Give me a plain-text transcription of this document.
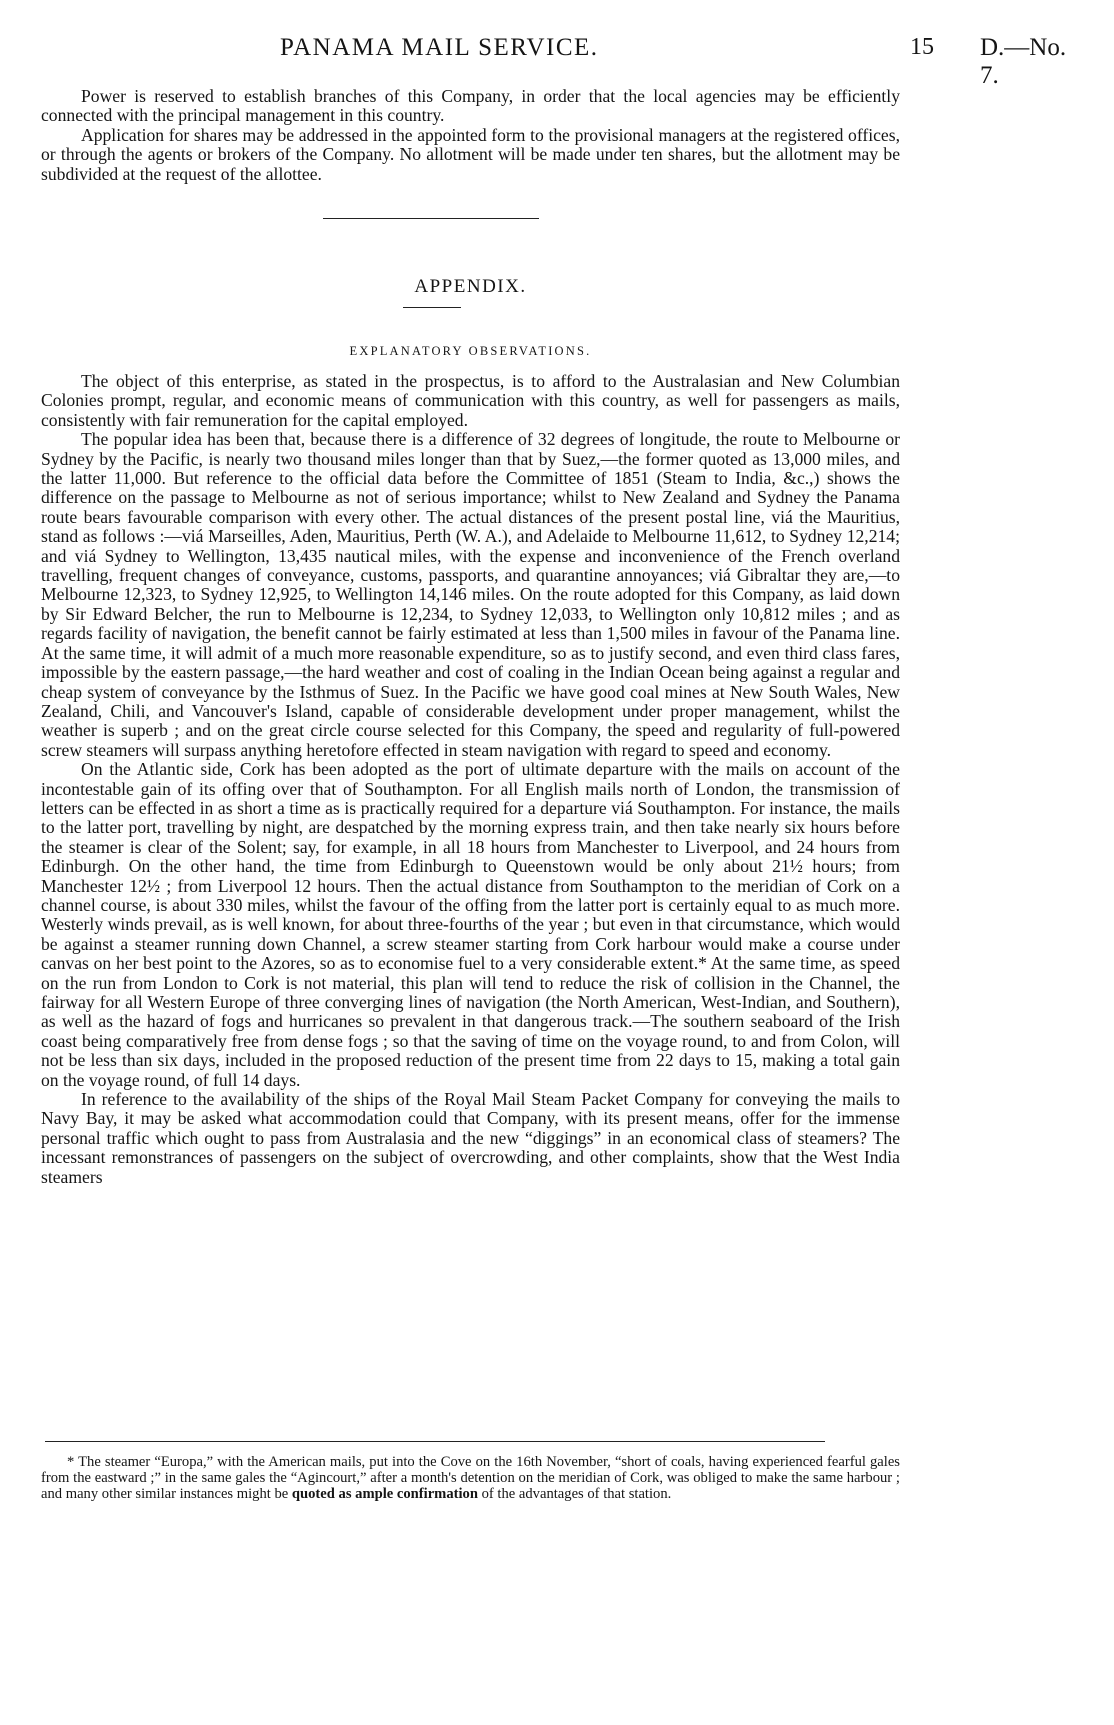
PANAMA MAIL SERVICE.	15 D.—No. 7.

Power is reserved to establish branches of this Company, in order that the local agencies may be efficiently connected with the principal management in this country.

Application for shares may be addressed in the appointed form to the provisional managers at the registered offices, or through the agents or brokers of the Company. No allotment will be made under ten shares, but the allotment may be subdivided at the request of the allottee.

APPENDIX.
EXPLANATORY OBSERVATIONS.

The object of this enterprise, as stated in the prospectus, is to afford to the Australasian and New Columbian Colonies prompt, regular, and economic means of communication with this country, as well for passengers as mails, consistently with fair remuneration for the capital employed.

The popular idea has been that, because there is a difference of 32 degrees of longitude, the route to Melbourne or Sydney by the Pacific, is nearly two thousand miles longer than that by Suez,—the former quoted as 13,000 miles, and the latter 11,000. But reference to the official data before the Committee of 1851 (Steam to India, &c.,) shows the difference on the passage to Melbourne as not of serious importance; whilst to New Zealand and Sydney the Panama route bears favourable comparison with every other. The actual distances of the present postal line, viá the Mauritius, stand as follows :—viá Marseilles, Aden, Mauritius, Perth (W. A.), and Adelaide to Melbourne 11,612, to Sydney 12,214; and viá Sydney to Wellington, 13,435 nautical miles, with the expense and inconvenience of the French overland travelling, frequent changes of conveyance, customs, passports, and quarantine annoyances; viá Gibraltar they are,—to Melbourne 12,323, to Sydney 12,925, to Wellington 14,146 miles. On the route adopted for this Company, as laid down by Sir Edward Belcher, the run to Melbourne is 12,234, to Sydney 12,033, to Wellington only 10,812 miles ; and as regards facility of navigation, the benefit cannot be fairly estimated at less than 1,500 miles in favour of the Panama line. At the same time, it will admit of a much more reasonable expenditure, so as to justify second, and even third class fares, impossible by the eastern passage,—the hard weather and cost of coaling in the Indian Ocean being against a regular and cheap system of conveyance by the Isthmus of Suez. In the Pacific we have good coal mines at New South Wales, New Zealand, Chili, and Vancouver's Island, capable of considerable development under proper management, whilst the weather is superb ; and on the great circle course selected for this Company, the speed and regularity of full-powered screw steamers will surpass anything heretofore effected in steam navigation with regard to speed and economy.

On the Atlantic side, Cork has been adopted as the port of ultimate departure with the mails on account of the incontestable gain of its offing over that of Southampton. For all English mails north of London, the transmission of letters can be effected in as short a time as is practically required for a departure viá Southampton. For instance, the mails to the latter port, travelling by night, are despatched by the morning express train, and then take nearly six hours before the steamer is clear of the Solent; say, for example, in all 18 hours from Manchester to Liverpool, and 24 hours from Edinburgh. On the other hand, the time from Edinburgh to Queenstown would be only about 21½ hours; from Manchester 12½ ; from Liverpool 12 hours. Then the actual distance from Southampton to the meridian of Cork on a channel course, is about 330 miles, whilst the favour of the offing from the latter port is certainly equal to as much more. Westerly winds prevail, as is well known, for about three-fourths of the year ; but even in that circumstance, which would be against a steamer running down Channel, a screw steamer starting from Cork harbour would make a course under canvas on her best point to the Azores, so as to economise fuel to a very considerable extent.* At the same time, as speed on the run from London to Cork is not material, this plan will tend to reduce the risk of collision in the Channel, the fairway for all Western Europe of three converging lines of navigation (the North American, West-Indian, and Southern), as well as the hazard of fogs and hurricanes so prevalent in that dangerous track.—The southern seaboard of the Irish coast being comparatively free from dense fogs ; so that the saving of time on the voyage round, to and from Colon, will not be less than six days, included in the proposed reduction of the present time from 22 days to 15, making a total gain on the voyage round, of full 14 days.

In reference to the availability of the ships of the Royal Mail Steam Packet Company for conveying the mails to Navy Bay, it may be asked what accommodation could that Company, with its present means, offer for the immense personal traffic which ought to pass from Australasia and the new “diggings” in an economical class of steamers? The incessant remonstrances of passengers on the subject of overcrowding, and other complaints, show that the West India steamers

* The steamer “Europa,” with the American mails, put into the Cove on the 16th November, “short of coals, having experienced fearful gales from the eastward ;” in the same gales the “Agincourt,” after a month's detention on the meridian of Cork, was obliged to make the same harbour ; and many other similar instances might be quoted as ample confirmation of the advantages of that station.
